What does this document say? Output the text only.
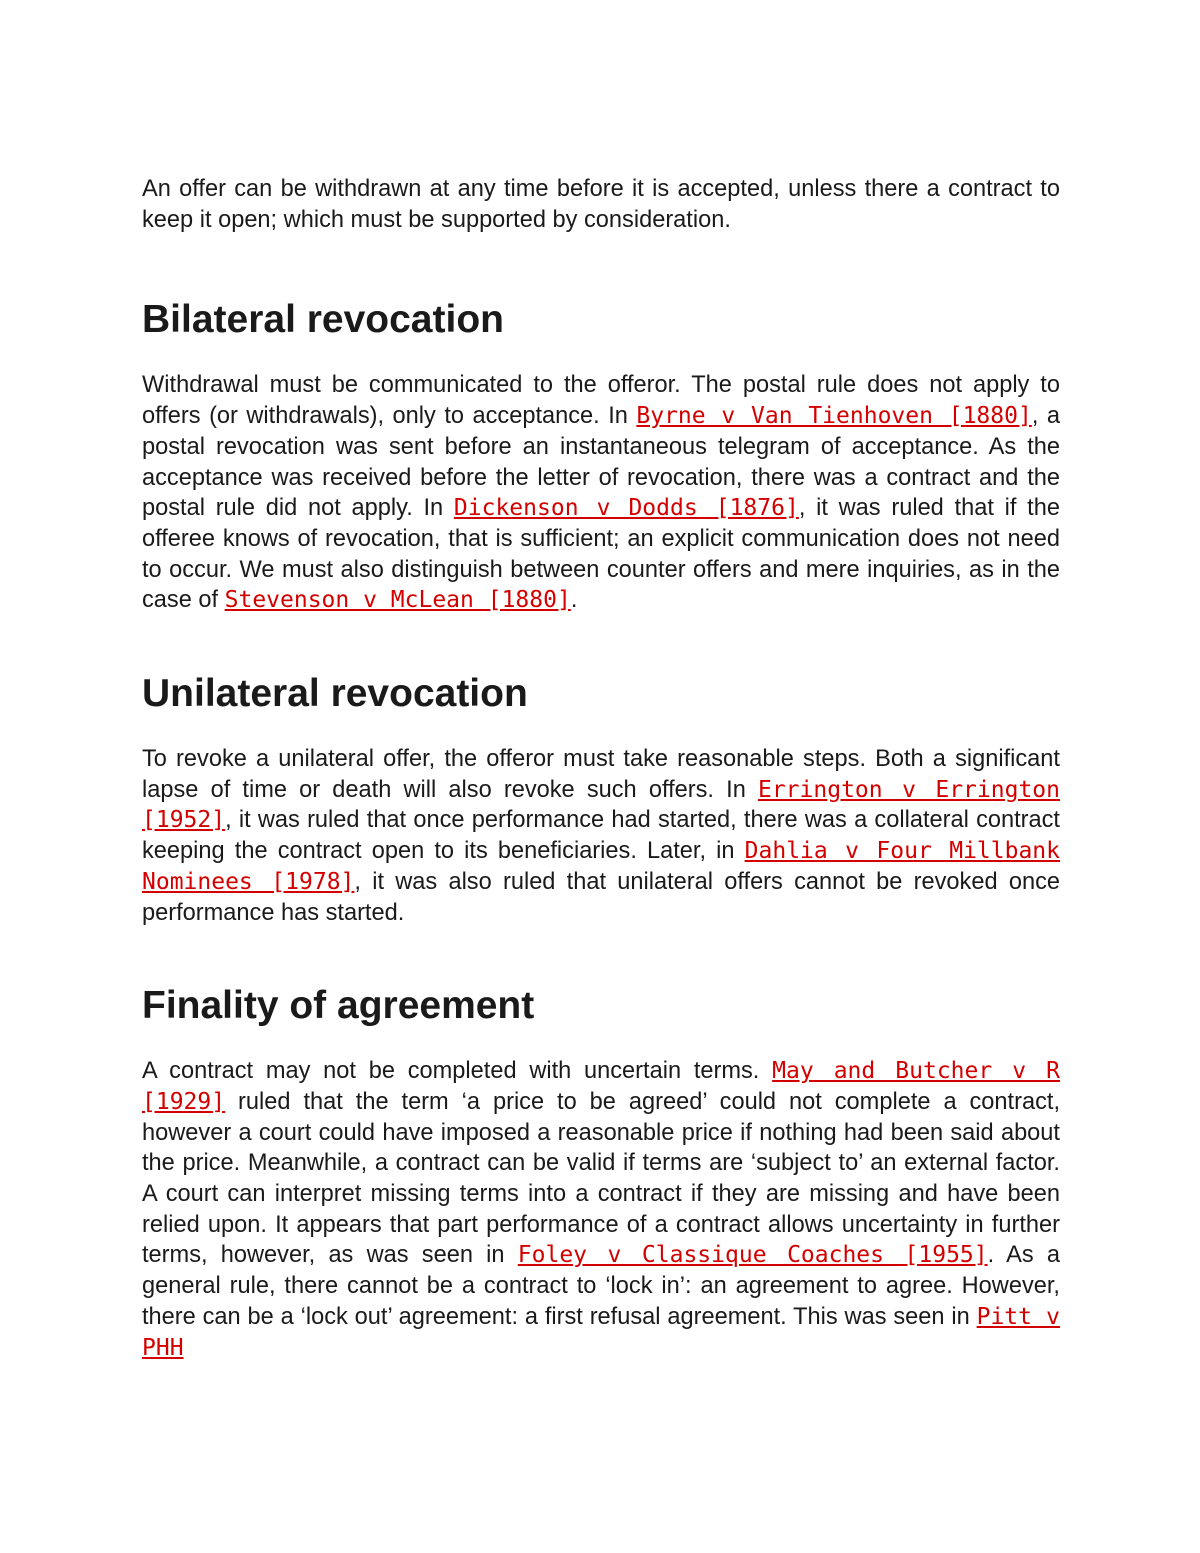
An offer can be withdrawn at any time before it is accepted, unless there a contract to keep it open; which must be supported by consideration.

Bilateral revocation

Withdrawal must be communicated to the offeror. The postal rule does not apply to offers (or withdrawals), only to acceptance. In Byrne v Van Tienhoven [1880], a postal revocation was sent before an instantaneous telegram of acceptance. As the acceptance was received before the letter of revocation, there was a contract and the postal rule did not apply. In Dickenson v Dodds [1876], it was ruled that if the offeree knows of revocation, that is sufficient; an explicit communication does not need to occur. We must also distinguish between counter offers and mere inquiries, as in the case of Stevenson v McLean [1880].

Unilateral revocation

To revoke a unilateral offer, the offeror must take reasonable steps. Both a significant lapse of time or death will also revoke such offers. In Errington v Errington [1952], it was ruled that once performance had started, there was a collateral contract keeping the contract open to its beneficiaries. Later, in Dahlia v Four Millbank Nominees [1978], it was also ruled that unilateral offers cannot be revoked once performance has started.

Finality of agreement

A contract may not be completed with uncertain terms. May and Butcher v R [1929] ruled that the term ‘a price to be agreed’ could not complete a contract, however a court could have imposed a reasonable price if nothing had been said about the price. Meanwhile, a contract can be valid if terms are ‘subject to’ an external factor. A court can interpret missing terms into a contract if they are missing and have been relied upon. It appears that part performance of a contract allows uncertainty in further terms, however, as was seen in Foley v Classique Coaches [1955]. As a general rule, there cannot be a contract to ‘lock in’: an agreement to agree. However, there can be a ‘lock out’ agreement: a first refusal agreement. This was seen in Pitt v PHH
